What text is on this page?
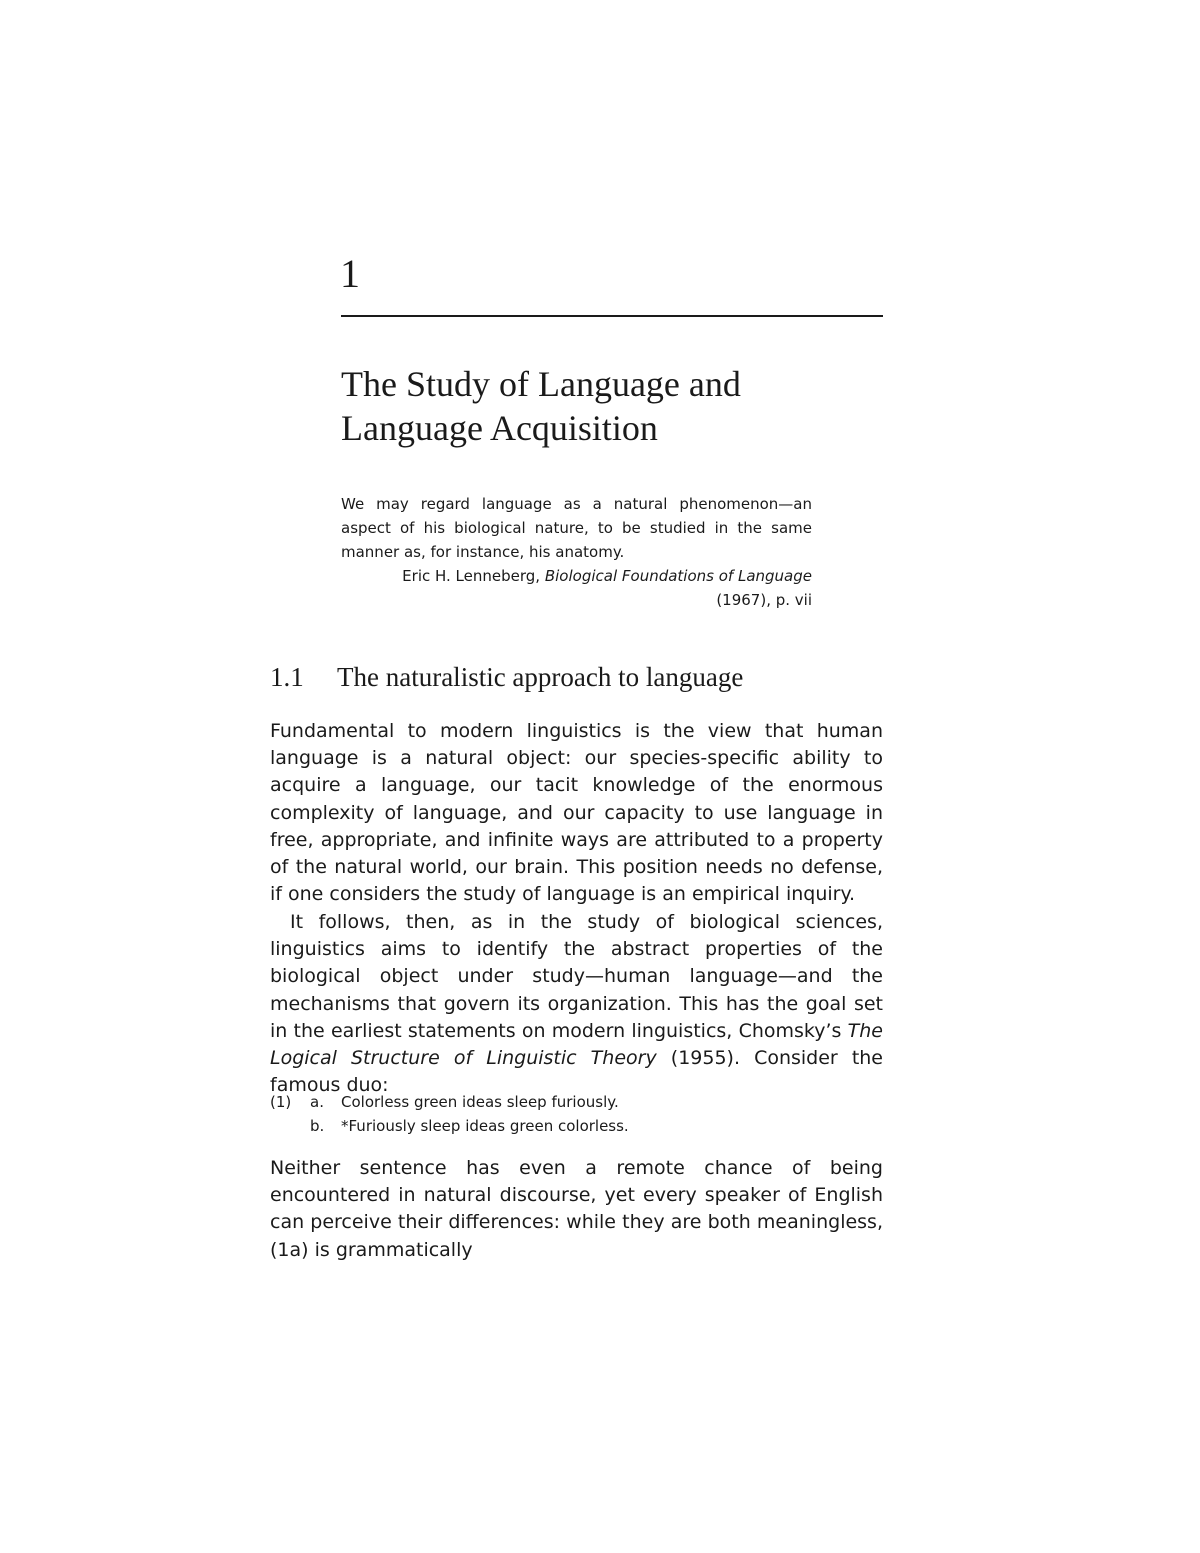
1
The Study of Language and
Language Acquisition

We may regard language as a natural phenomenon—an aspect of his biological nature, to be studied in the same manner as, for instance, his anatomy.

Eric H. Lenneberg, Biological Foundations of Language
(1967), p. vii

1.1 The naturalistic approach to language

Fundamental to modern linguistics is the view that human language is a natural object: our species-specific ability to acquire a language, our tacit knowledge of the enormous complexity of language, and our capacity to use language in free, appropriate, and infinite ways are attributed to a property of the natural world, our brain. This position needs no defense, if one considers the study of language is an empirical inquiry.

It follows, then, as in the study of biological sciences, linguistics aims to identify the abstract properties of the biological object under study—human language—and the mechanisms that govern its organization. This has the goal set in the earliest statements on modern linguistics, Chomsky’s The Logical Structure of Linguistic Theory (1955). Consider the famous duo:

(1)	a.	Colorless green ideas sleep furiously.
b.	*Furiously sleep ideas green colorless.

Neither sentence has even a remote chance of being encountered in natural discourse, yet every speaker of English can perceive their differences: while they are both meaningless, (1a) is grammatically
